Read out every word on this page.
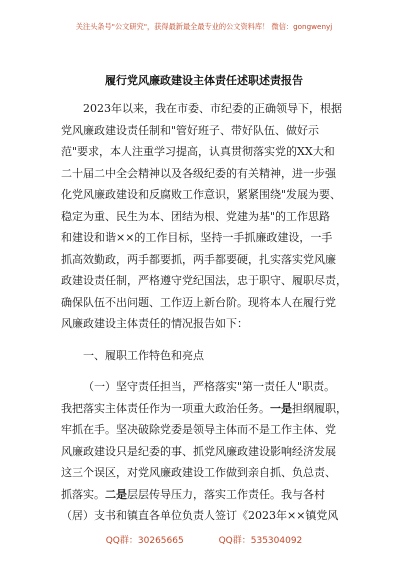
关注头条号"公文研究"，获得最新最全最专业的公文资料库！ 微信：gongwenyj
履行党风廉政建设主体责任述职述责报告
2023年以来，我在市委、市纪委的正确领导下，根据
党风廉政建设责任制和"管好班子、带好队伍、做好示
范"要求，本人注重学习提高，认真贯彻落实党的XX大和
二十届二中全会精神以及各级纪委的有关精神，进一步强
化党风廉政建设和反腐败工作意识，紧紧围绕"发展为要、
稳定为重、民生为本、团结为根、党建为基"的工作思路
和建设和谐××的工作目标，坚持一手抓廉政建设，一手
抓高效勤政，两手都要抓，两手都要硬，扎实落实党风廉
政建设责任制，严格遵守党纪国法，忠于职守、履职尽责，
确保队伍不出问题、工作迈上新台阶。现将本人在履行党
风廉政建设主体责任的情况报告如下：
一、履职工作特色和亮点
（一）坚守责任担当，严格落实"第一责任人"职责。
我把落实主体责任作为一项重大政治任务。一是担纲履职，
牢抓在手。坚决破除党委是领导主体而不是工作主体、党
风廉政建设只是纪委的事、抓党风廉政建设影响经济发展
这三个误区，对党风廉政建设工作做到亲自抓、负总责、
抓落实。二是层层传导压力，落实工作责任。我与各村
（居）支书和镇直各单位负责人签订《2023年××镇党风
QQ群：30265665	QQ群：535304092
